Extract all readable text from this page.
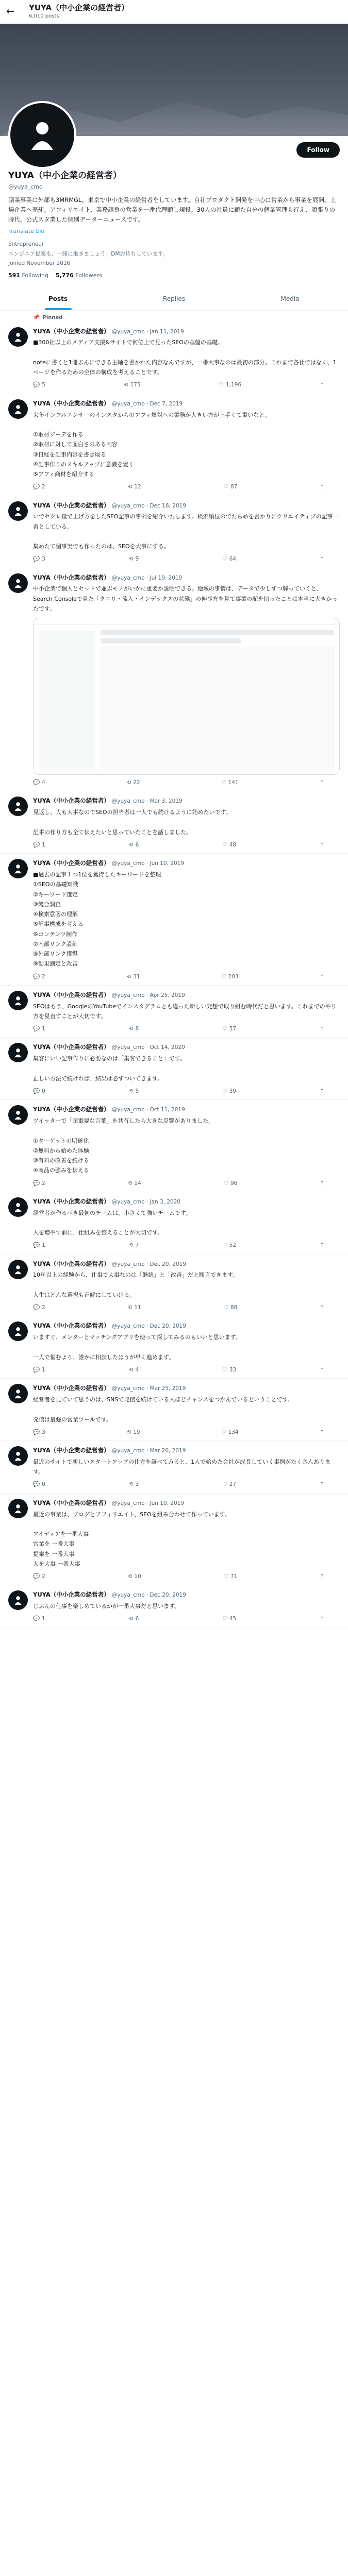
←	YUYA（中小企業の経営者）
6,010 posts
Follow
YUYA（中小企業の経営者）
@yuya_cmo
副業事業に外部も3MRMGL。東京で中小企業の経営者をしています。自社プロダクト開発を中心に営業から事業を展開。上場企業へ売却。アフィリエイト、業務請負の営業を一番代理顧し規投。30人の社員に顧た自分の個業管理も行え、頑張りの時代。公式スタ業した個別データーニュースです。
Translate bio
Entrepreneur
エンジニア提案も、一緒に働きましょう。DMお待ちしています。
Joined November 2016
591 Following 5,776 Followers
Posts	Replies	Media
📌 Pinned
YUYA（中小企業の経営者） @yuya_cmo · Jan 11, 2019
■300社以上のメディア支援&サイトで何位上で見ったSEOの基盤の基礎。

noteに書くと1冊ぶんにできる主軸を書かれた内容なんですが、一番大事なのは最初の部分。これまで各社ではなく、1ページを作るための全体の構成を考えることです。
💬 5	⟲ 175	♡ 1,196	↑
YUYA（中小企業の経営者） @yuya_cmo · Dec 7, 2019
来年インフルエンサーのインスタからのアフィ爆対への業務が大きい方が上手くて重いなと。

①取材ジーデを作る
②取材に対して面白さのある内容
③日経を記事内容を書き取る
④記事作りのスキルアップに意識を置く
⑤アフィ商材を紹介する
💬 2	⟲ 12	♡ 87	↑
YUYA（中小企業の経営者） @yuya_cmo · Dec 16, 2019
いでセクレ量で上げ方をしたSEO記事の事例を紹介いたします。検索順位のでたらめを書かりにクリエイティブの記事一番としている。

集めたて個事実でも作ったのは、SEOを大事にする。
💬 3	⟲ 9	♡ 64	↑
YUYA（中小企業の経営者） @yuya_cmo · Jul 19, 2019
中小企業で個人とセットで並ぶモノがいかに重要か説明できる。地域の事情は、データで少しずつ解っていくと、Search Consoleで見た「クエリ・流入・インデックスの状態」の伸び方を見て事業の舵を切ったことは本当に大きかったです。
💬 4	⟲ 22	♡ 141	↑
YUYA（中小企業の経営者） @yuya_cmo · Mar 3, 2019
見返し、人も大事なのでSEOの担当者は一人でも続けるように始めたいです。

記事の作り方も全て伝えたいと思っていたことを話しました。
💬 1	⟲ 6	♡ 48	↑
YUYA（中小企業の経営者） @yuya_cmo · Jun 10, 2019
■過去の記事１つ1位を獲得したキーワードを整理
①SEOの基礎知識
②キーワード選定
③競合調査
④検索意図の理解
⑤記事構成を考える
⑥コンテンツ制作
⑦内部リンク設計
⑧外部リンク獲得
⑨効果測定と改善
💬 2	⟲ 31	♡ 203	↑
YUYA（中小企業の経営者） @yuya_cmo · Apr 25, 2019
SEOはもう、GoogleのYouTubeでインスタグラムとも違った新しい発想で取り組む時代だと思います。これまでのやり方を見直すことが大切です。
💬 1	⟲ 8	♡ 57	↑
YUYA（中小企業の経営者） @yuya_cmo · Oct 14, 2020
集客にいい記事作りに必要なのは「集客できること」です。

正しい方法で続ければ、結果は必ずついてきます。
💬 0	⟲ 5	♡ 39	↑
YUYA（中小企業の経営者） @yuya_cmo · Oct 11, 2019
ツイッターで「超重要な言葉」を共有したら大きな反響がありました。

①ターゲットの明確化
②無料から始めた体験
③有料の改善を続ける
④商品の強みを伝える
💬 2	⟲ 14	♡ 96	↑
YUYA（中小企業の経営者） @yuya_cmo · Jan 3, 2020
経営者が作るべき最初のチームは、小さくて強いチームです。

人を増やす前に、仕組みを整えることが大切です。
💬 1	⟲ 7	♡ 52	↑
YUYA（中小企業の経営者） @yuya_cmo · Dec 20, 2019
10年以上の経験から、仕事で大事なのは「継続」と「改善」だと断言できます。

人生はどんな選択も正解にしていける。
💬 2	⟲ 11	♡ 88	↑
YUYA（中小企業の経営者） @yuya_cmo · Dec 20, 2019
いますぐ、メンターとマッチングアプリを使って探してみるのもいいと思います。

一人で悩むより、誰かに相談したほうが早く進めます。
💬 1	⟲ 4	♡ 33	↑
YUYA（中小企業の経営者） @yuya_cmo · Mar 25, 2019
経営者を見ていて思うのは、SNSで発信を続けている人ほどチャンスをつかんでいるということです。

発信は最強の営業ツールです。
💬 3	⟲ 19	♡ 134	↑
YUYA（中小企業の経営者） @yuya_cmo · Mar 20, 2019
最近のサイトで新しいスタートアップの仕方を調べてみると、1人で始めた会社が成長していく事例がたくさんあります。
💬 0	⟲ 3	♡ 27	↑
YUYA（中小企業の経営者） @yuya_cmo · Jun 10, 2019
最近の事業は、ブログとアフィリエイト、SEOを組み合わせて作っています。

アイディアを一番大事
営業を 一番大事
提案を 一番大事
人を大事 一番大事
💬 2	⟲ 10	♡ 71	↑
YUYA（中小企業の経営者） @yuya_cmo · Dec 20, 2019
じぶんの仕事を楽しめているかが一番大事だと思います。
💬 1	⟲ 6	♡ 45	↑
